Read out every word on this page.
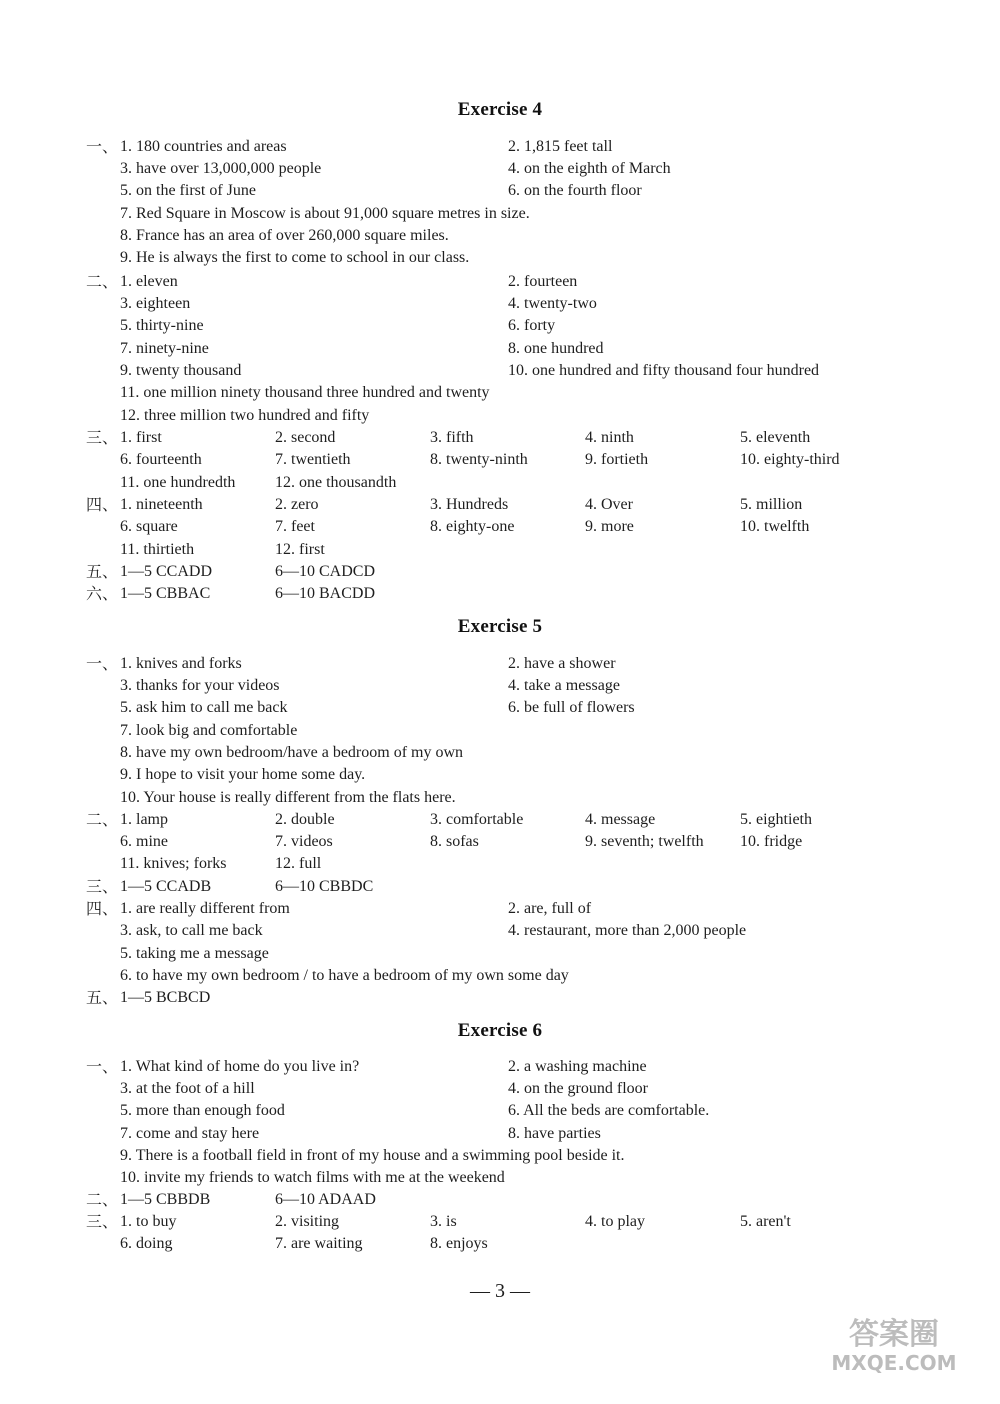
Exercise 4
一、 1. 180 countries and areas	2. 1,815 feet tall
3. have over 13,000,000 people	4. on the eighth of March
5. on the first of June	6. on the fourth floor
7. Red Square in Moscow is about 91,000 square metres in size.
8. France has an area of over 260,000 square miles.
9. He is always the first to come to school in our class.
二、 1. eleven	2. fourteen
3. eighteen	4. twenty-two
5. thirty-nine	6. forty
7. ninety-nine	8. one hundred
9. twenty thousand	10. one hundred and fifty thousand four hundred
11. one million ninety thousand three hundred and twenty
12. three million two hundred and fifty
三、 1. first	2. second	3. fifth	4. ninth	5. eleventh
6. fourteenth	7. twentieth	8. twenty-ninth	9. fortieth	10. eighty-third
11. one hundredth 12. one thousandth
四、 1. nineteenth	2. zero	3. Hundreds	4. Over	5. million
6. square	7. feet	8. eighty-one	9. more	10. twelfth
11. thirtieth	12. first
五、 1—5 CCADD	6—10 CADCD
六、 1—5 CBBAC	6—10 BACDD
Exercise 5
一、 1. knives and forks	2. have a shower
3. thanks for your videos	4. take a message
5. ask him to call me back	6. be full of flowers
7. look big and comfortable
8. have my own bedroom/have a bedroom of my own
9. I hope to visit your home some day.
10. Your house is really different from the flats here.
二、 1. lamp	2. double	3. comfortable	4. message	5. eightieth
6. mine	7. videos	8. sofas	9. seventh; twelfth 10. fridge
11. knives; forks	12. full
三、 1—5 CCADB	6—10 CBBDC
四、 1. are really different from	2. are, full of
3. ask, to call me back	4. restaurant, more than 2,000 people
5. taking me a message
6. to have my own bedroom / to have a bedroom of my own some day
五、 1—5 BCBCD
Exercise 6
一、 1. What kind of home do you live in?	2. a washing machine
3. at the foot of a hill	4. on the ground floor
5. more than enough food	6. All the beds are comfortable.
7. come and stay here	8. have parties
9. There is a football field in front of my house and a swimming pool beside it.
10. invite my friends to watch films with me at the weekend
二、 1—5 CBBDB	6—10 ADAAD
三、 1. to buy	2. visiting	3. is	4. to play	5. aren't
6. doing	7. are waiting	8. enjoys
— 3 —
答案圈
MXQE.COM
